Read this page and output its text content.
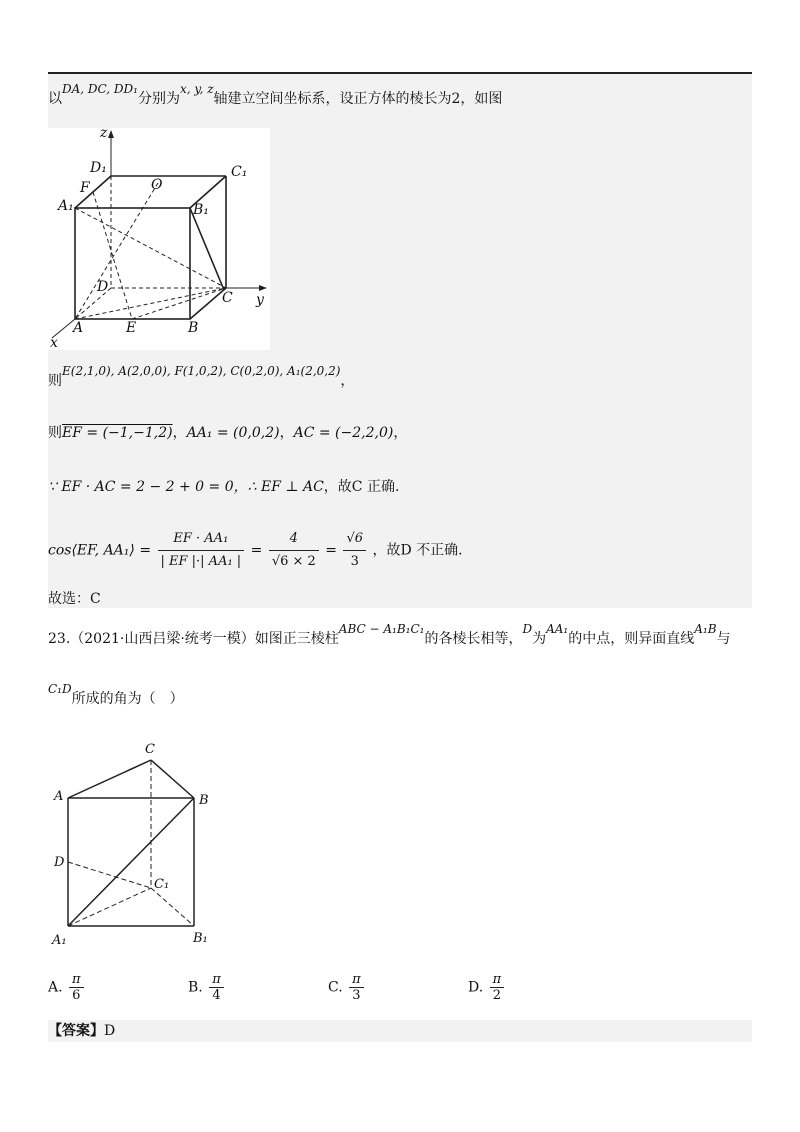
以DA, DC, DD₁分别为x, y, z轴建立空间坐标系，设正方体的棱长为2，如图
z
D₁	C₁
F	O
A₁	B₁
D
C y
A	E	B
x
则E(2,1,0), A(2,0,0), F(1,0,2), C(0,2,0), A₁(2,0,2)，
则EF = (−1,−1,2)，AA₁ = (0,0,2)，AC = (−2,2,0)，
∵ EF · AC = 2 − 2 + 0 = 0，∴ EF ⊥ AC，故C 正确.
cos⟨EF, AA₁⟩ = $\frac{\text{EF · AA₁}}{\text{| EF |·| AA₁ |}} = \frac{4}{√6 \times 2} = \frac{√6}{3}$ ，故D 不正确.
故选：C
23.（2021·山西吕梁·统考一模）如图正三棱柱ABC − A₁B₁C₁的各棱长相等，D为AA₁的中点，则异面直线A₁B与
C₁D所成的角为（　）
C
A	B
D
C₁
A₁	B₁
A. $\frac{\pi}{6}$	B. $\frac{\pi}{4}$	C. $\frac{\pi}{3}$	D. $\frac{\pi}{2}$
【答案】D
